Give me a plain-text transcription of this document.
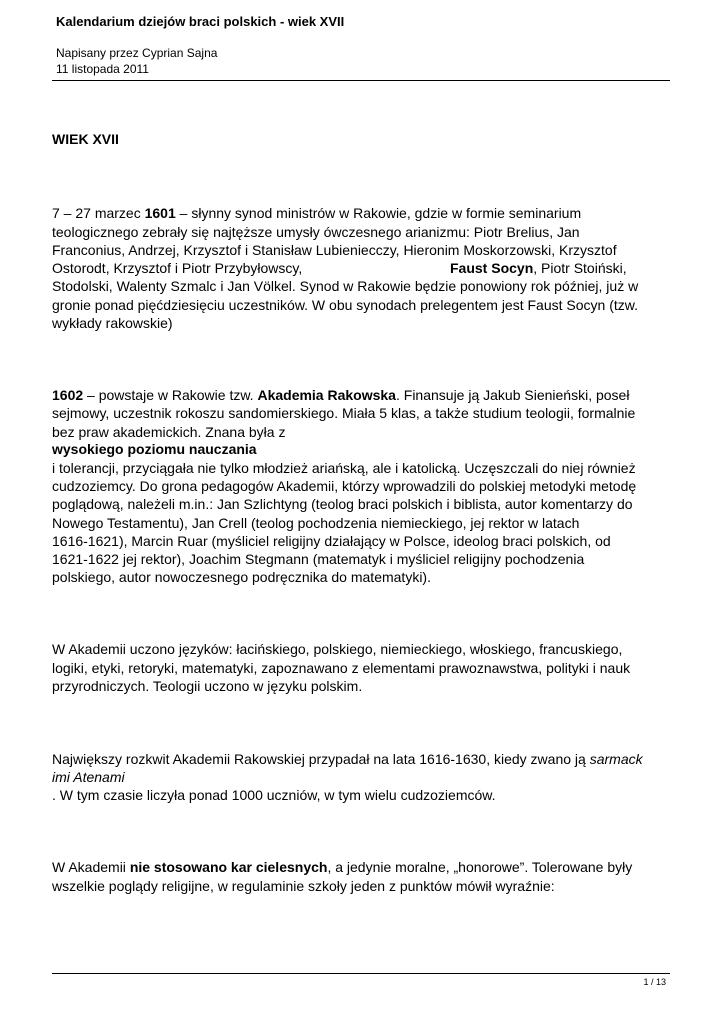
Kalendarium dziejów braci polskich - wiek XVII
Napisany przez Cyprian Sajna
11 listopada 2011
WIEK XVII
7 – 27 marzec 1601 – słynny synod ministrów w Rakowie, gdzie w formie seminarium
teologicznego zebrały się najtęższe umysły ówczesnego arianizmu: Piotr Brelius, Jan
Franconius, Andrzej, Krzysztof i Stanisław Lubieniecczy, Hieronim Moskorzowski, Krzysztof
Ostorodt, Krzysztof i Piotr Przybyłowscy,	Faust Socyn, Piotr Stoiński,
Stodolski, Walenty Szmalc i Jan Völkel. Synod w Rakowie będzie ponowiony rok później, już w
gronie ponad pięćdziesięciu uczestników. W obu synodach prelegentem jest Faust Socyn (tzw.
wykłady rakowskie)
1602 – powstaje w Rakowie tzw. Akademia Rakowska. Finansuje ją Jakub Sienieński, poseł
sejmowy, uczestnik rokoszu sandomierskiego. Miała 5 klas, a także studium teologii, formalnie
bez praw akademickich. Znana była z
wysokiego poziomu nauczania
i tolerancji, przyciągała nie tylko młodzież ariańską, ale i katolicką. Uczęszczali do niej również
cudzoziemcy. Do grona pedagogów Akademii, którzy wprowadzili do polskiej metodyki metodę
poglądową, należeli m.in.: Jan Szlichtyng (teolog braci polskich i biblista, autor komentarzy do
Nowego Testamentu), Jan Crell (teolog pochodzenia niemieckiego, jej rektor w latach
1616-1621), Marcin Ruar (myśliciel religijny działający w Polsce, ideolog braci polskich, od
1621-1622 jej rektor), Joachim Stegmann (matematyk i myśliciel religijny pochodzenia
polskiego, autor nowoczesnego podręcznika do matematyki).
W Akademii uczono języków: łacińskiego, polskiego, niemieckiego, włoskiego, francuskiego,
logiki, etyki, retoryki, matematyki, zapoznawano z elementami prawoznawstwa, polityki i nauk
przyrodniczych. Teologii uczono w języku polskim.
Największy rozkwit Akademii Rakowskiej przypadał na lata 1616-1630, kiedy zwano ją sarmack
imi Atenami
. W tym czasie liczyła ponad 1000 uczniów, w tym wielu cudzoziemców.
W Akademii nie stosowano kar cielesnych, a jedynie moralne, „honorowe”. Tolerowane były
wszelkie poglądy religijne, w regulaminie szkoły jeden z punktów mówił wyraźnie:
1 / 13
